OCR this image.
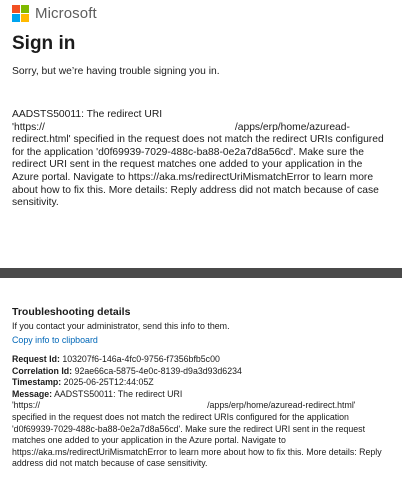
Microsoft
Sign in
Sorry, but we’re having trouble signing you in.
AADSTS50011: The redirect URI
'https://	/apps/erp/home/azuread-
redirect.html' specified in the request does not match the redirect URIs configured
for the application 'd0f69939-7029-488c-ba88-0e2a7d8a56cd'. Make sure the
redirect URI sent in the request matches one added to your application in the
Azure portal. Navigate to https://aka.ms/redirectUriMismatchError to learn more
about how to fix this. More details: Reply address did not match because of case
sensitivity.
Troubleshooting details
If you contact your administrator, send this info to them.
Copy info to clipboard
Request Id: 103207f6-146a-4fc0-9756-f7356bfb5c00
Correlation Id: 92ae66ca-5875-4e0c-8139-d9a3d93d6234
Timestamp: 2025-06-25T12:44:05Z
Message: AADSTS50011: The redirect URI
'https://	/apps/erp/home/azuread-redirect.html'
specified in the request does not match the redirect URIs configured for the application
'd0f69939-7029-488c-ba88-0e2a7d8a56cd'. Make sure the redirect URI sent in the request
matches one added to your application in the Azure portal. Navigate to
https://aka.ms/redirectUriMismatchError to learn more about how to fix this. More details: Reply
address did not match because of case sensitivity.
